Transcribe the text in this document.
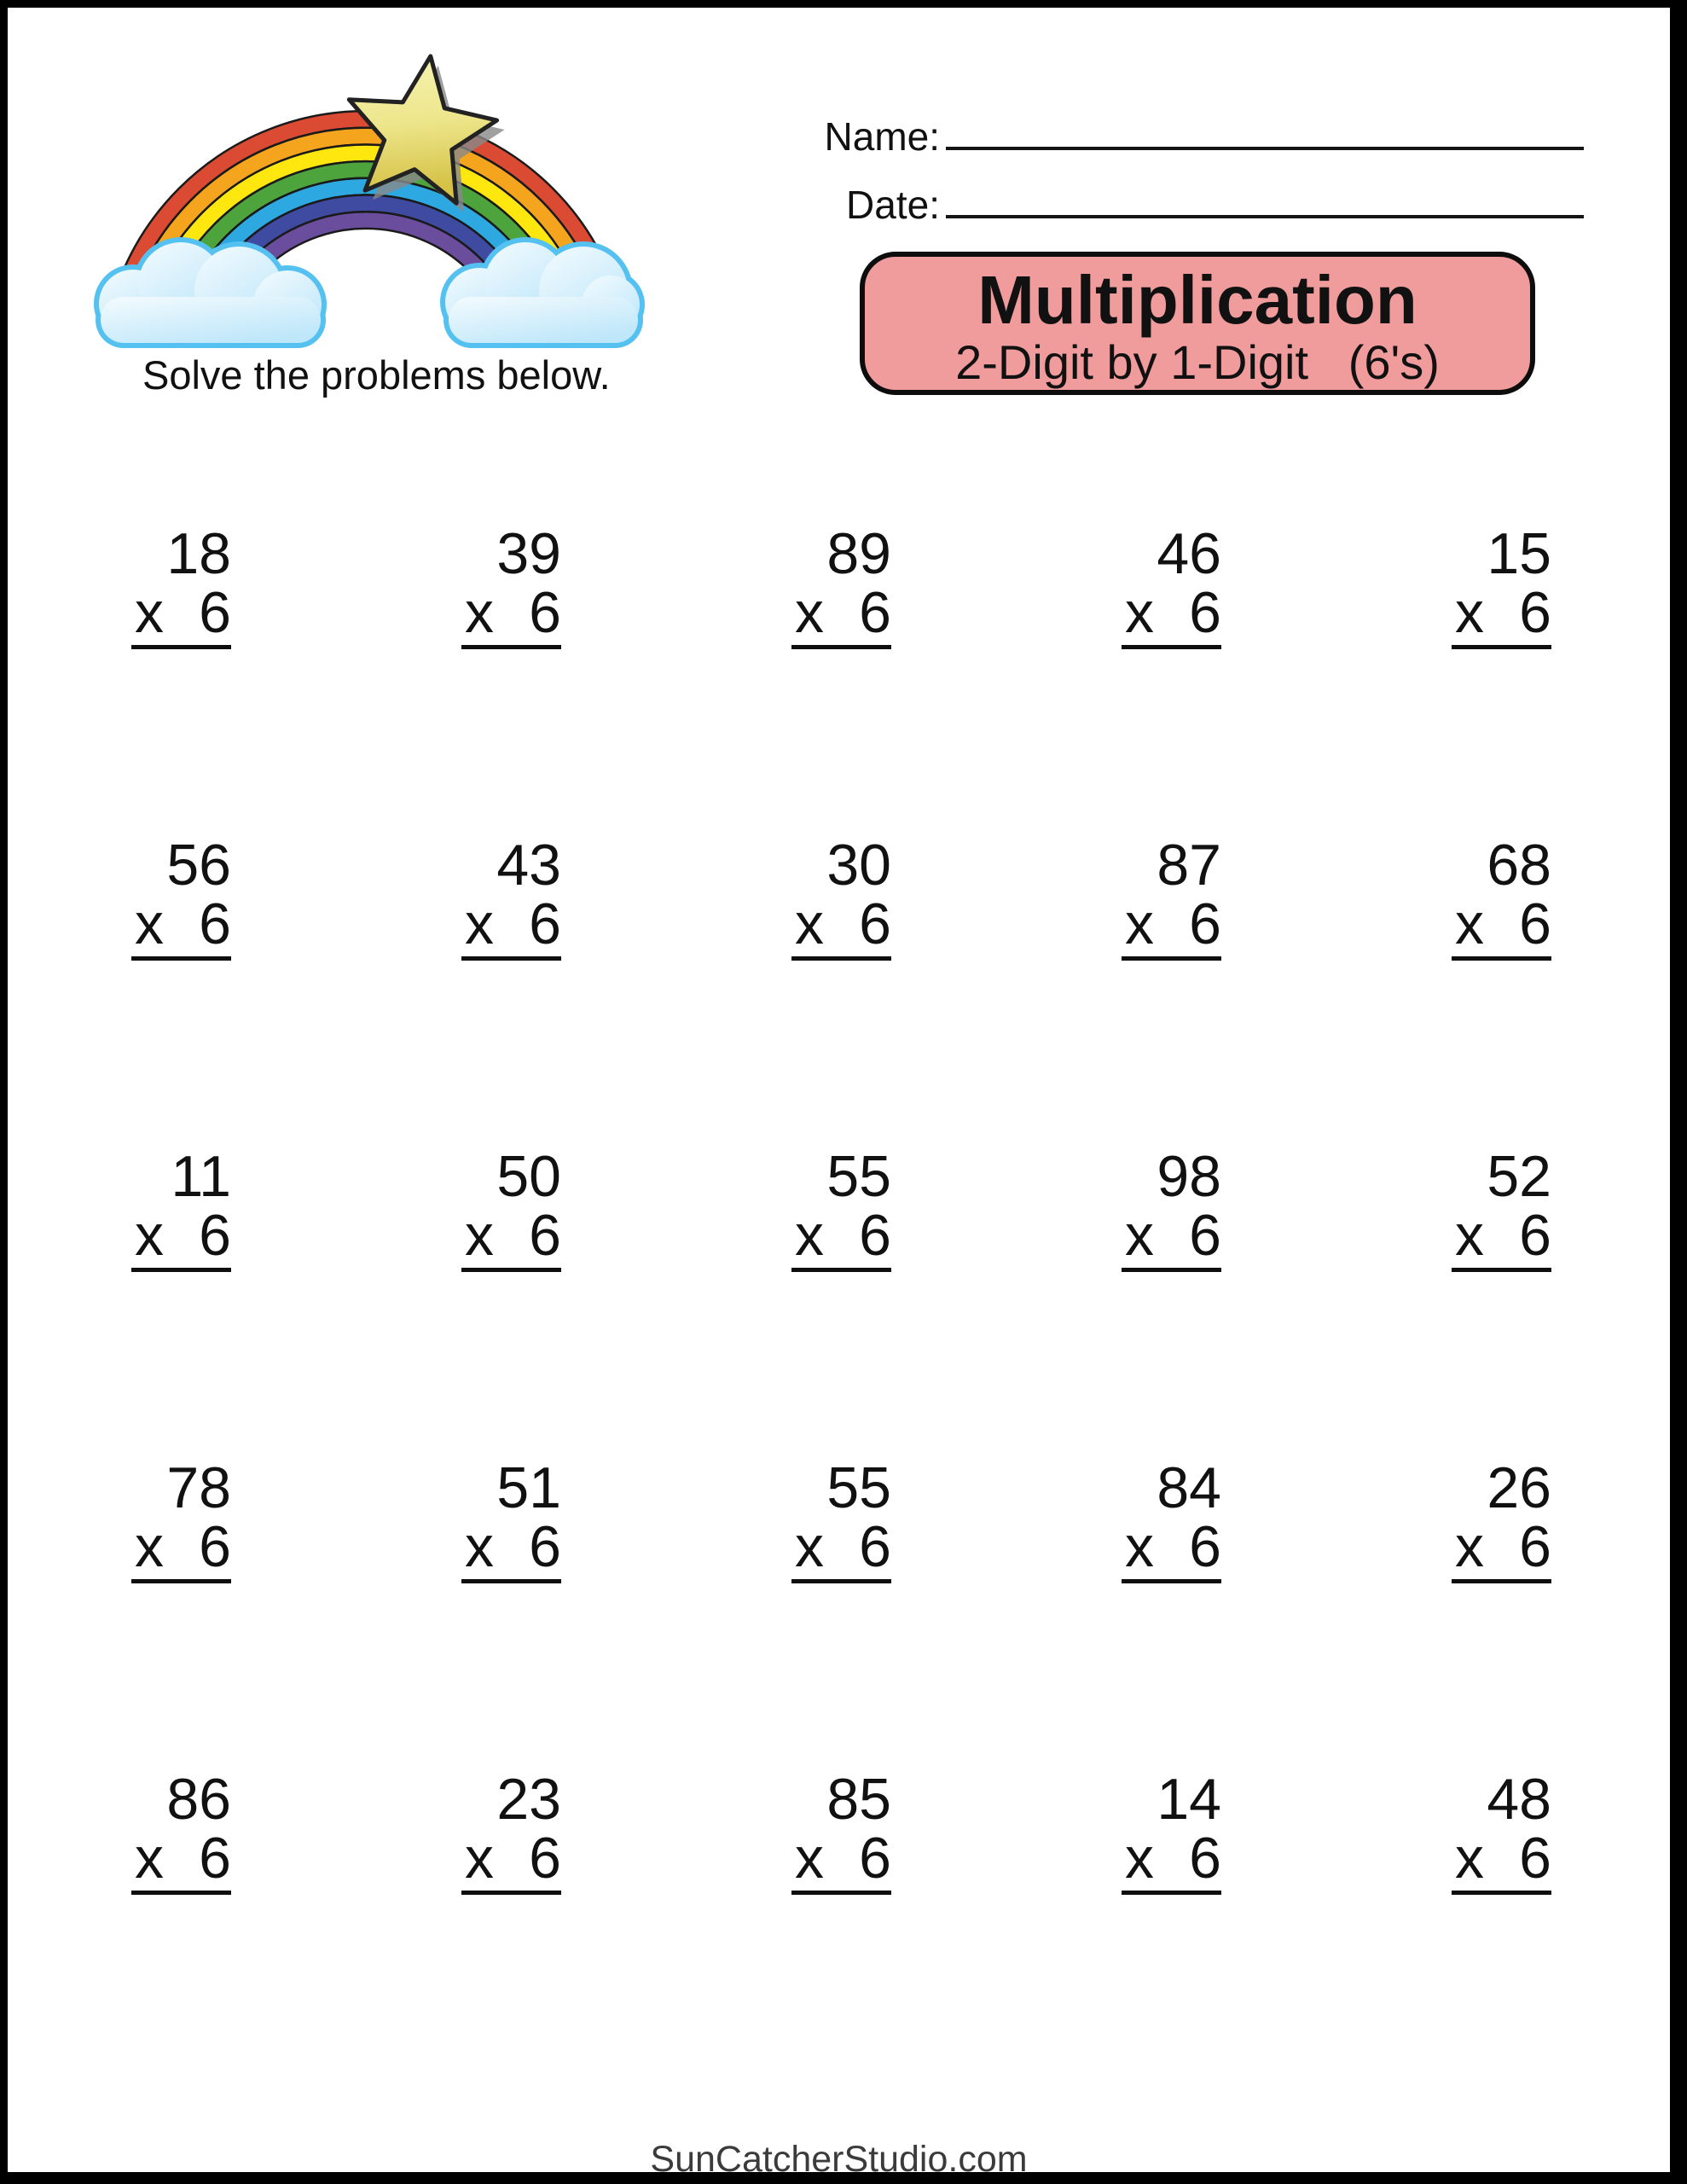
Solve the problems below.
Name:
Date:
Multiplication
2-Digit by 1-Digit   (6's)
18
x 6
39
x 6
89
x 6
46
x 6
15
x 6
56
x 6
43
x 6
30
x 6
87
x 6
68
x 6
11
x 6
50
x 6
55
x 6
98
x 6
52
x 6
78
x 6
51
x 6
55
x 6
84
x 6
26
x 6
86
x 6
23
x 6
85
x 6
14
x 6
48
x 6
SunCatcherStudio.com
